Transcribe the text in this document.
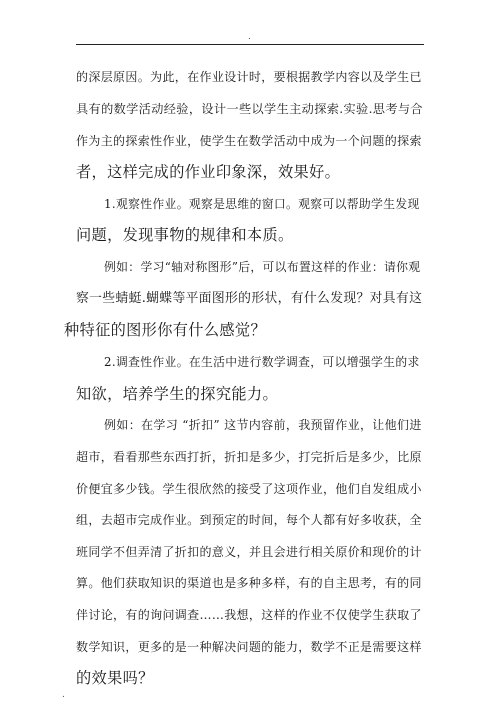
.
的深层原因。为此，在作业设计时，要根据教学内容以及学生已
具有的数学活动经验，设计一些以学生主动探索.实验.思考与合
作为主的探索性作业，使学生在数学活动中成为一个问题的探索
者，这样完成的作业印象深，效果好。
1.观察性作业。观察是思维的窗口。观察可以帮助学生发现
问题，发现事物的规律和本质。
例如：学习“轴对称图形”后，可以布置这样的作业：请你观
察一些蜻蜓.蝴蝶等平面图形的形状，有什么发现？对具有这
种特征的图形你有什么感觉？
2.调查性作业。在生活中进行数学调查，可以增强学生的求
知欲，培养学生的探究能力。
例如：在学习 “折扣” 这节内容前，我预留作业，让他们进
超市，看看那些东西打折，折扣是多少，打完折后是多少，比原
价便宜多少钱。学生很欣然的接受了这项作业，他们自发组成小
组，去超市完成作业。到预定的时间，每个人都有好多收获，全
班同学不但弄清了折扣的意义，并且会进行相关原价和现价的计
算。他们获取知识的渠道也是多种多样，有的自主思考，有的同
伴讨论，有的询问调查……我想，这样的作业不仅使学生获取了
数学知识，更多的是一种解决问题的能力，数学不正是需要这样
的效果吗？
.
